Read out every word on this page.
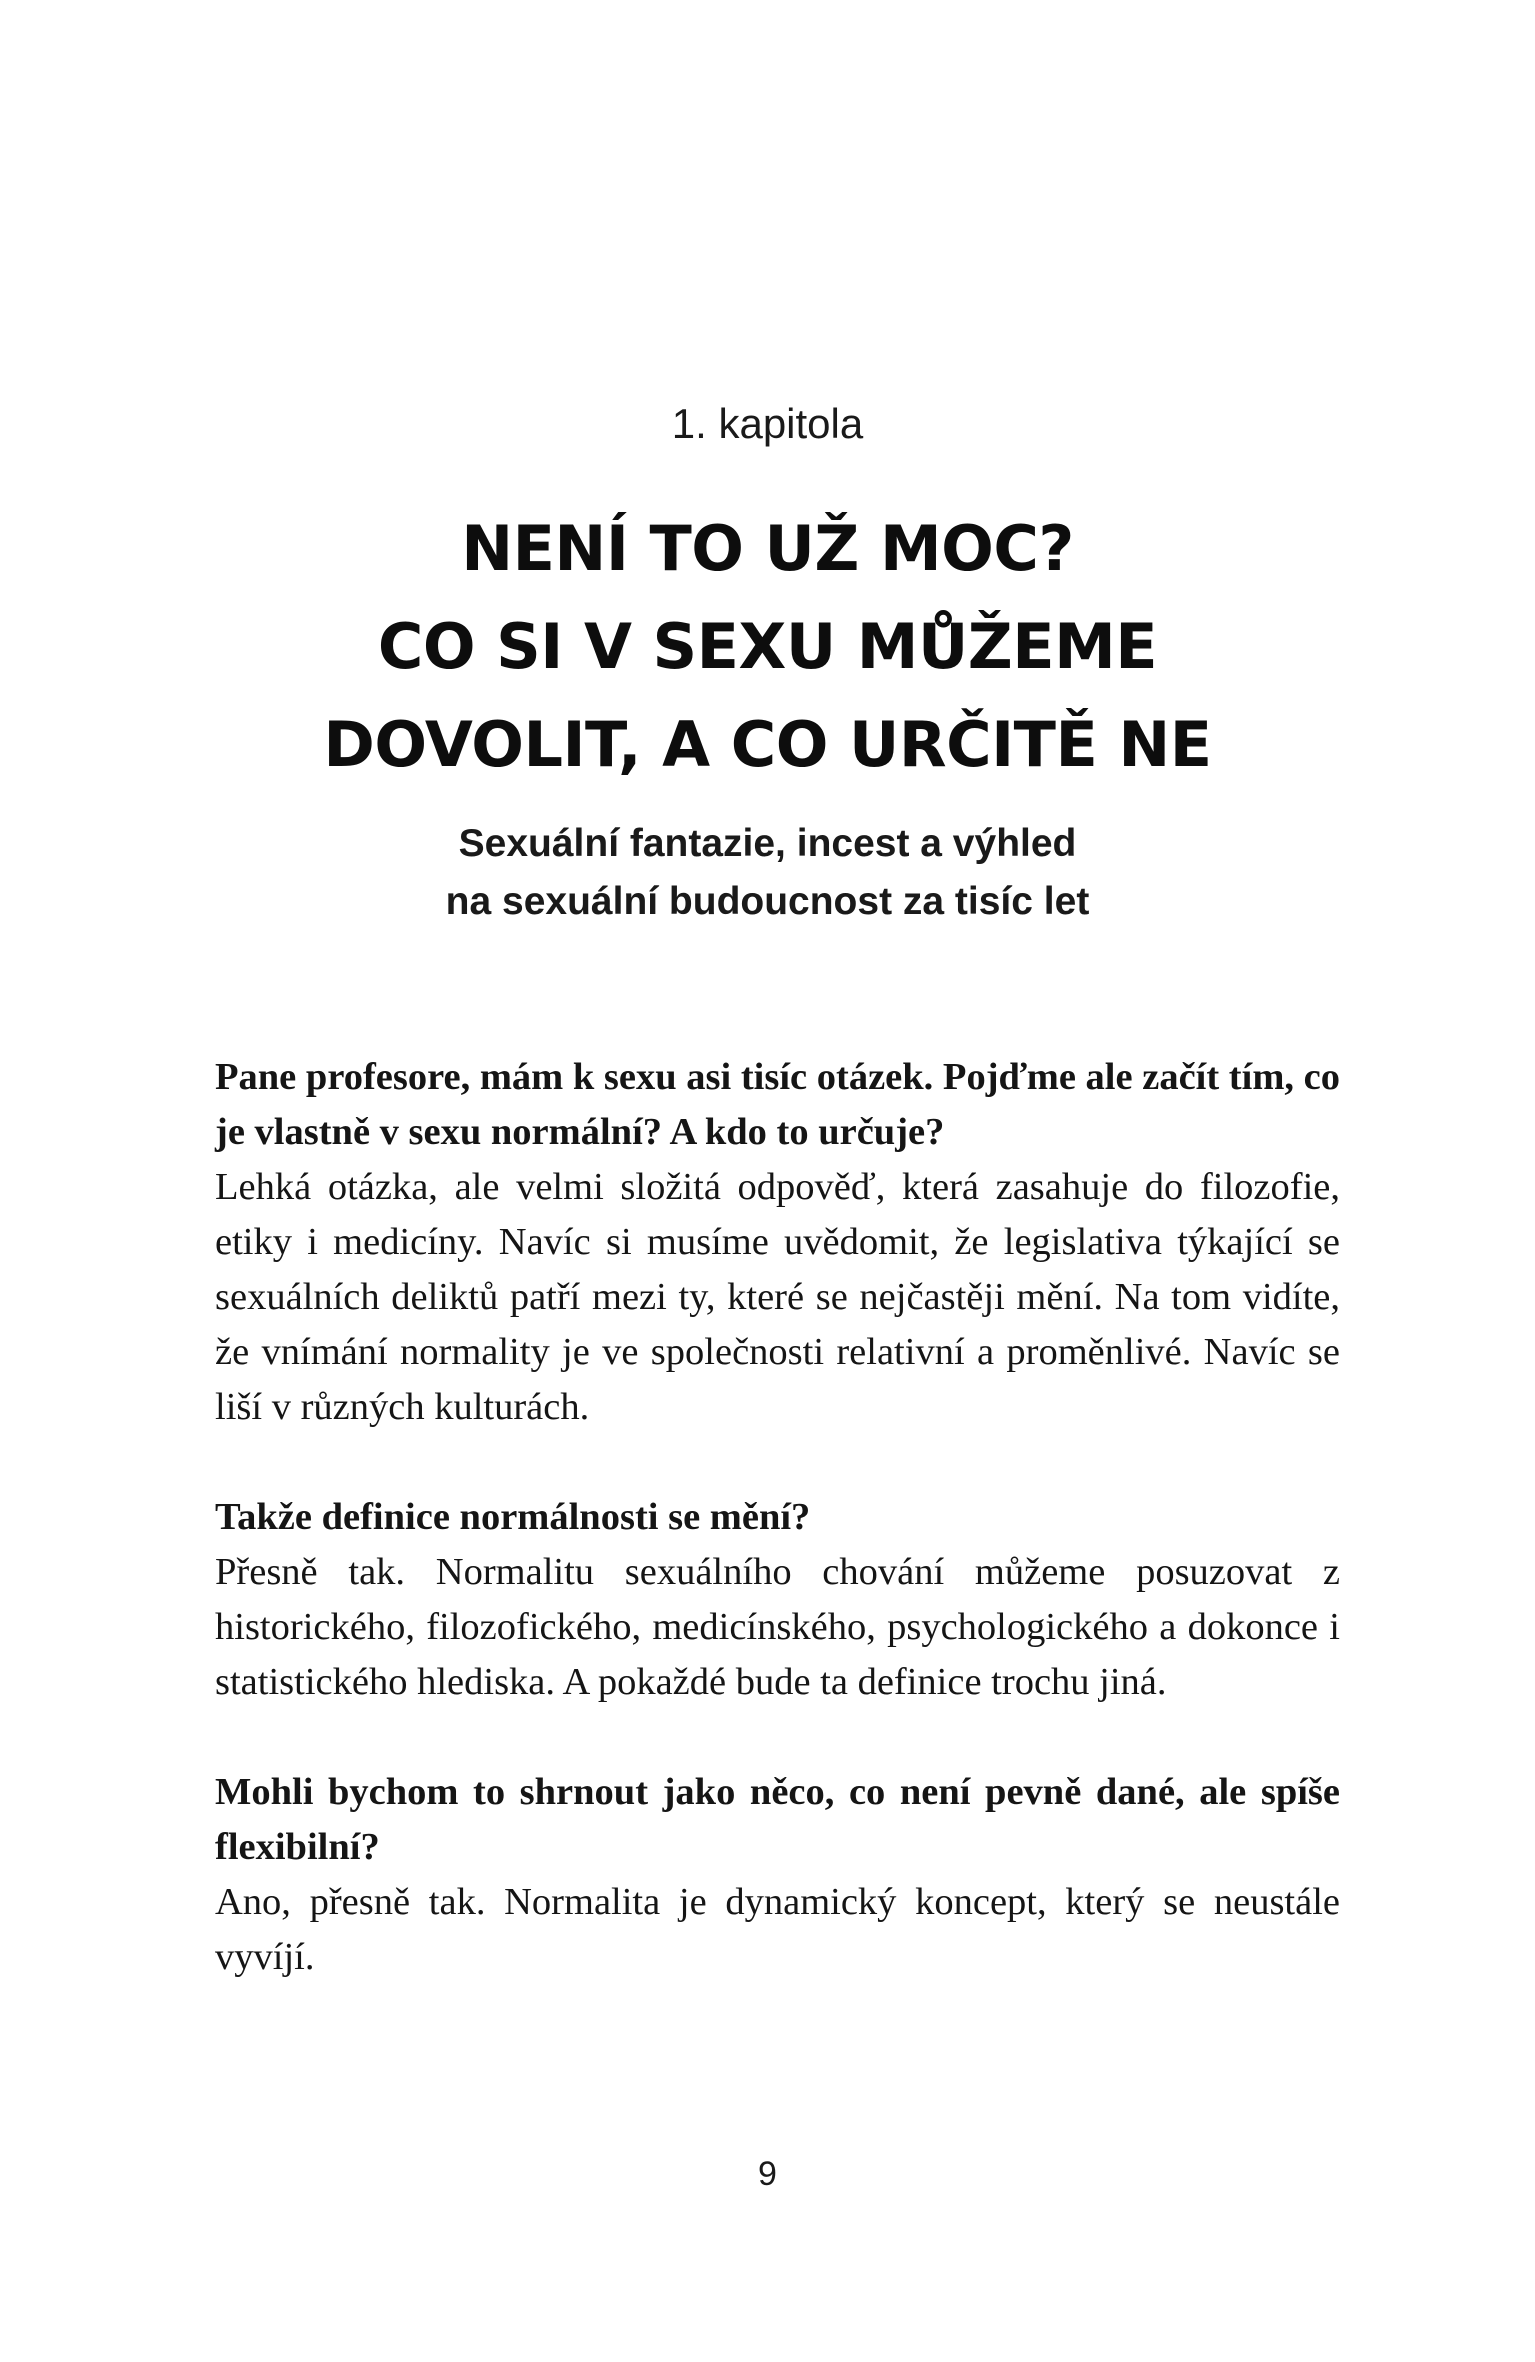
1. kapitola
NENÍ TO UŽ MOC?
CO SI V SEXU MŮŽEME
DOVOLIT, A CO URČITĚ NE
Sexuální fantazie, incest a výhled
na sexuální budoucnost za tisíc let

Pane profesore, mám k sexu asi tisíc otázek. Pojďme ale začít tím, co je vlastně v sexu normální? A kdo to určuje?

Lehká otázka, ale velmi složitá odpověď, která zasahuje do filozofie, etiky i medicíny. Navíc si musíme uvědomit, že legislativa týkající se sexuálních deliktů patří mezi ty, které se nejčastěji mění. Na tom vidíte, že vnímání normality je ve společnosti relativní a proměnlivé. Navíc se liší v různých kulturách.

Takže definice normálnosti se mění?

Přesně tak. Normalitu sexuálního chování můžeme posuzovat z historického, filozofického, medicínského, psychologického a dokonce i statistického hlediska. A pokaždé bude ta definice trochu jiná.

Mohli bychom to shrnout jako něco, co není pevně dané, ale spíše flexibilní?

Ano, přesně tak. Normalita je dynamický koncept, který se neustále vyvíjí.

9
